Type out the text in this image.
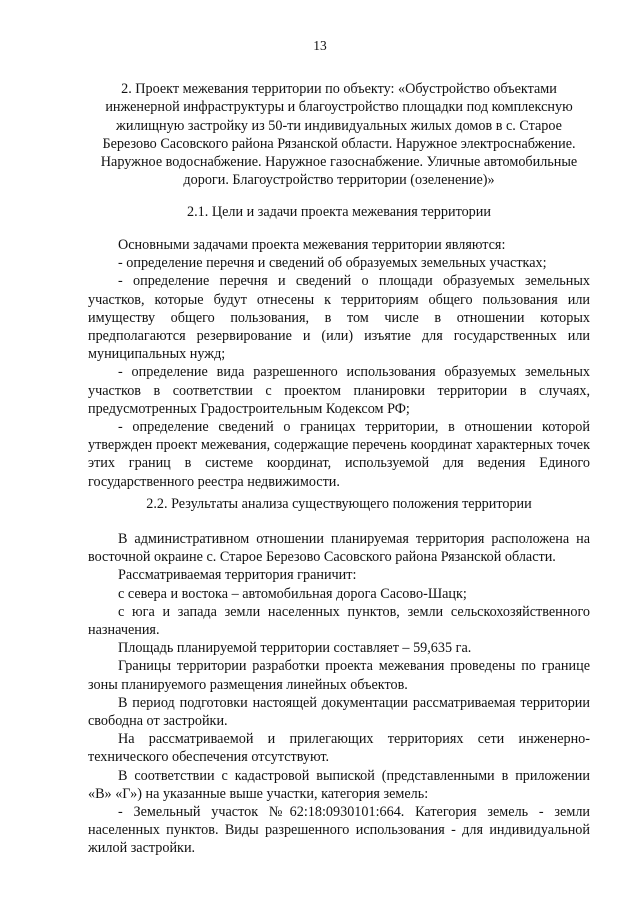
13
2. Проект межевания территории по объекту: «Обустройство объектами инженерной инфраструктуры и благоустройство площадки под комплексную жилищную застройку из 50-ти индивидуальных жилых домов в с. Старое Березово Сасовского района Рязанской области. Наружное электроснабжение. Наружное водоснабжение. Наружное газоснабжение. Уличные автомобильные дороги. Благоустройство территории (озеленение)»
2.1. Цели и задачи проекта межевания территории

Основными задачами проекта межевания территории являются:

- определение перечня и сведений об образуемых земельных участках;

- определение перечня и сведений о площади образуемых земельных участков, которые будут отнесены к территориям общего пользования или имуществу общего пользования, в том числе в отношении которых предполагаются резервирование и (или) изъятие для государственных или муниципальных нужд;

- определение вида разрешенного использования образуемых земельных участков в соответствии с проектом планировки территории в случаях, предусмотренных Градостроительным Кодексом РФ;

- определение сведений о границах территории, в отношении которой утвержден проект межевания, содержащие перечень координат характерных точек этих границ в системе координат, используемой для ведения Единого государственного реестра недвижимости.

2.2. Результаты анализа существующего положения территории

В административном отношении планируемая территория расположена на восточной окраине с. Старое Березово Сасовского района Рязанской области.

Рассматриваемая территория граничит:

с севера и востока – автомобильная дорога Сасово-Шацк;

с юга и запада земли населенных пунктов, земли сельскохозяйственного назначения.

Площадь планируемой территории составляет – 59,635 га.

Границы территории разработки проекта межевания проведены по границе зоны планируемого размещения линейных объектов.

В период подготовки настоящей документации рассматриваемая территории свободна от застройки.

На рассматриваемой и прилегающих территориях сети инженерно-технического обеспечения отсутствуют.

В соответствии с кадастровой выпиской (представленными в приложении «В» «Г») на указанные выше участки, категория земель:

- Земельный участок №62:18:0930101:664. Категория земель - земли населенных пунктов. Виды разрешенного использования - для индивидуальной жилой застройки.
